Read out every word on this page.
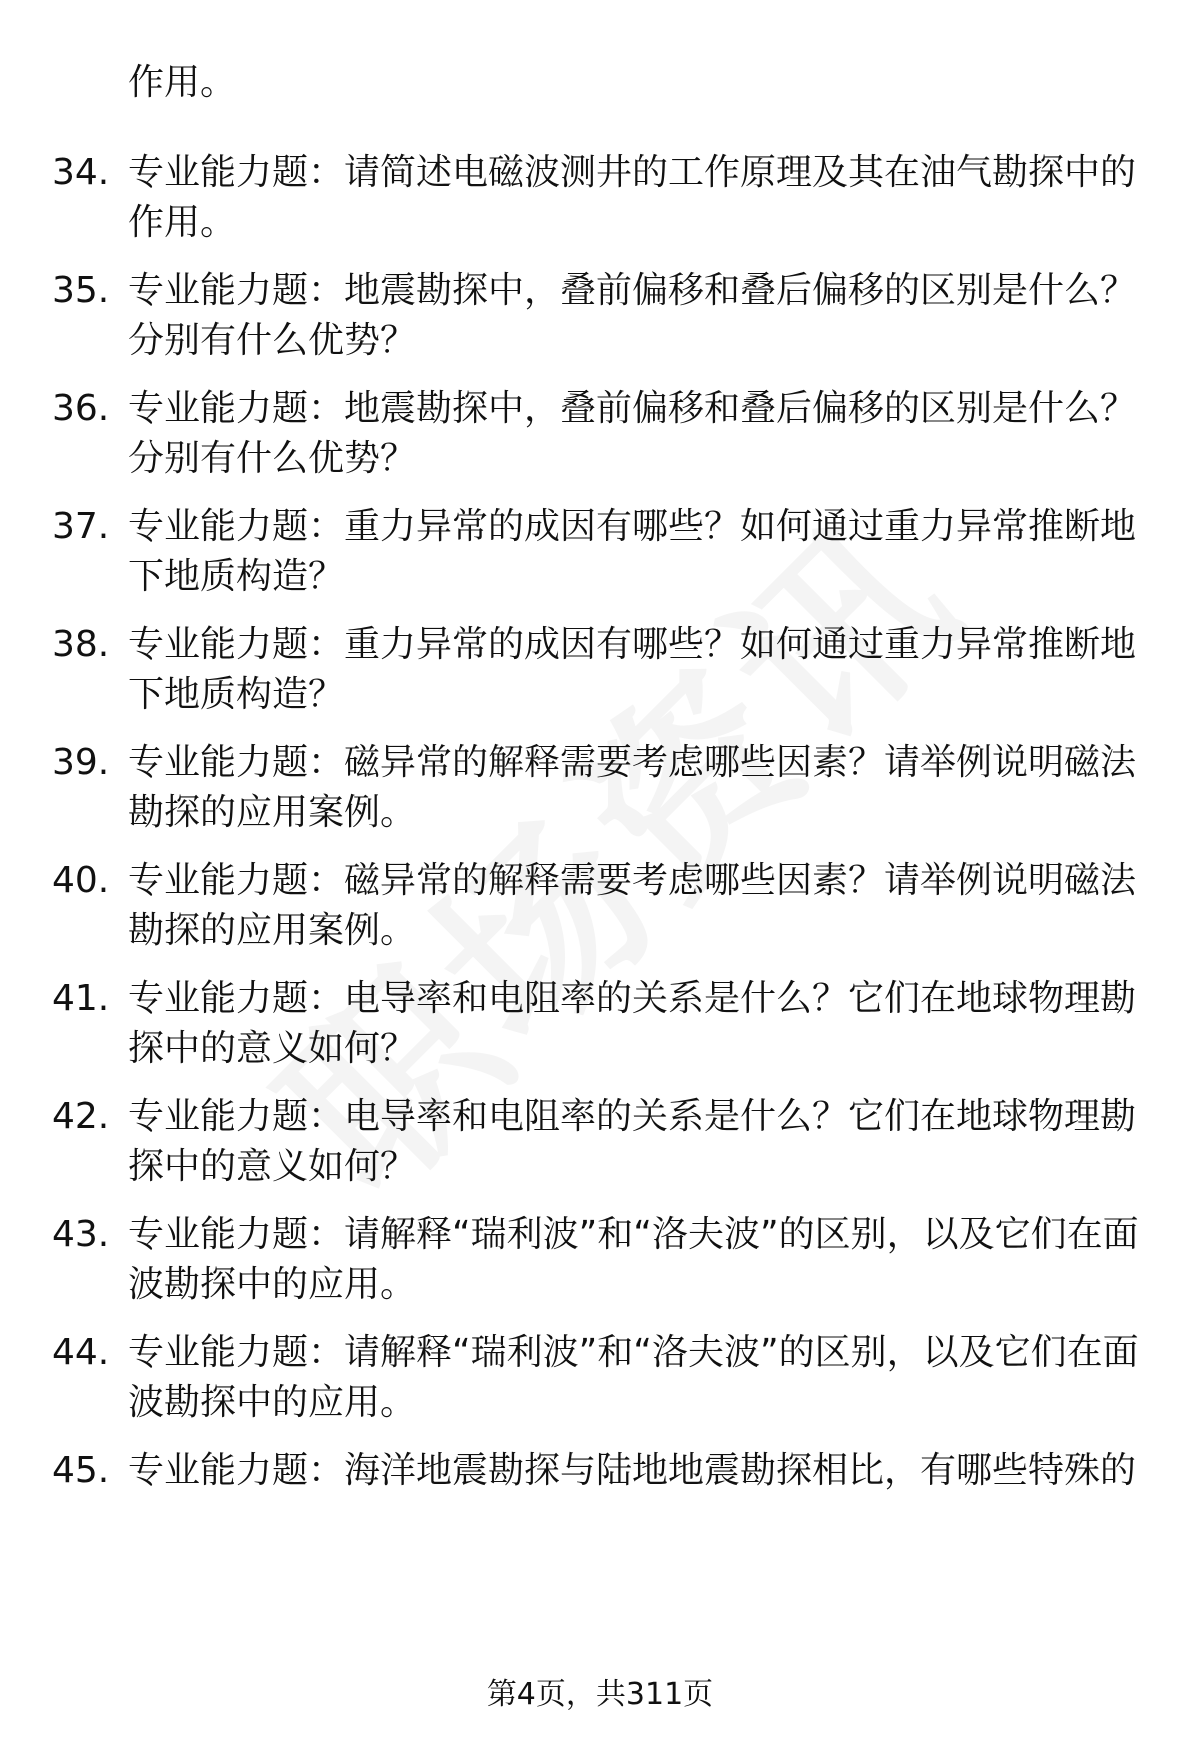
作用。

34. 专业能力题：请简述电磁波测井的工作原理及其在油气勘探中的作用。
35. 专业能力题：地震勘探中，叠前偏移和叠后偏移的区别是什么？分别有什么优势？
36. 专业能力题：地震勘探中，叠前偏移和叠后偏移的区别是什么？分别有什么优势？
37. 专业能力题：重力异常的成因有哪些？如何通过重力异常推断地下地质构造？
38. 专业能力题：重力异常的成因有哪些？如何通过重力异常推断地下地质构造？
39. 专业能力题：磁异常的解释需要考虑哪些因素？请举例说明磁法勘探的应用案例。
40. 专业能力题：磁异常的解释需要考虑哪些因素？请举例说明磁法勘探的应用案例。
41. 专业能力题：电导率和电阻率的关系是什么？它们在地球物理勘探中的意义如何？
42. 专业能力题：电导率和电阻率的关系是什么？它们在地球物理勘探中的意义如何？
43. 专业能力题：请解释“瑞利波”和“洛夫波”的区别，以及它们在面波勘探中的应用。
44. 专业能力题：请解释“瑞利波”和“洛夫波”的区别，以及它们在面波勘探中的应用。
45. 专业能力题：海洋地震勘探与陆地地震勘探相比，有哪些特殊的
第4页，共311页
